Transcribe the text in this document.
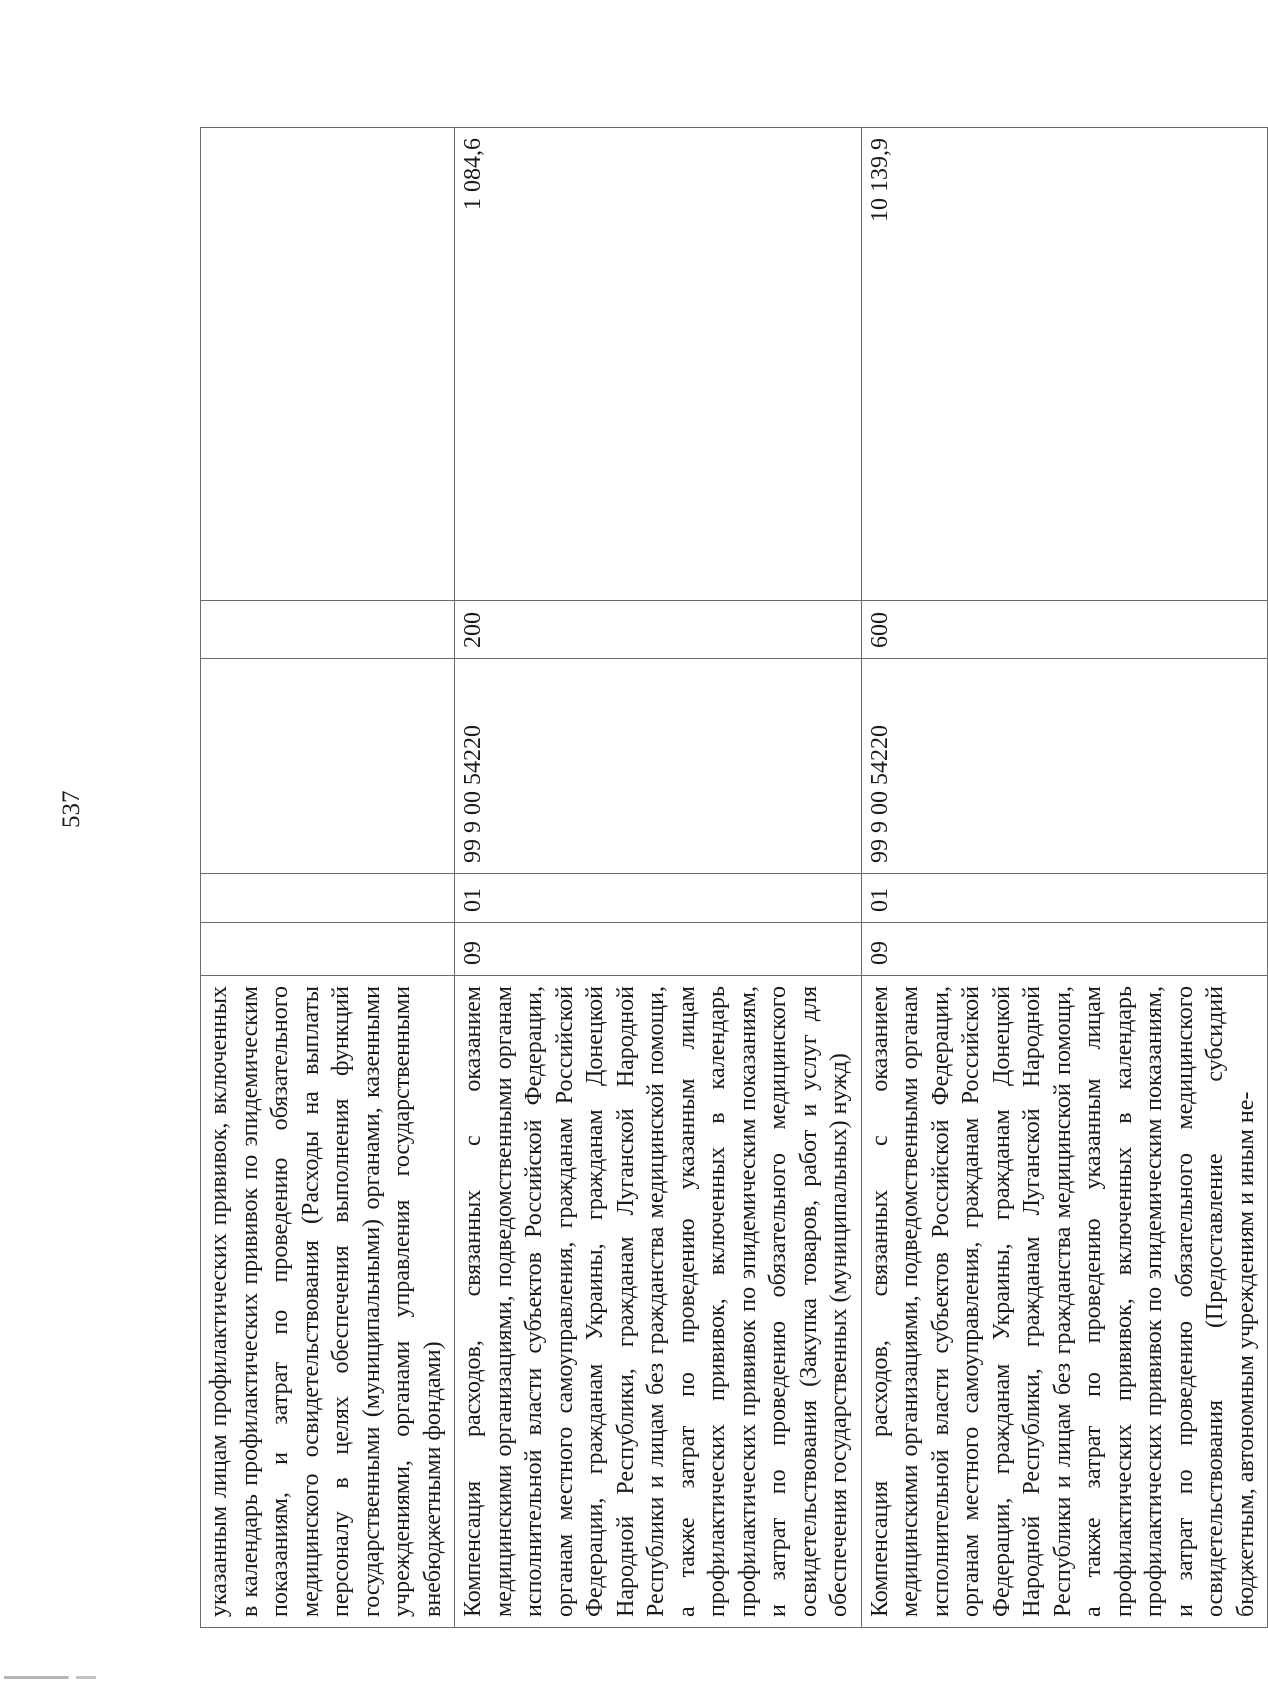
537
указанным лицам профилактических прививок, включенных в календарь профилактических прививок по эпидемическим показаниям, и затрат по проведению обязательного медицинского освидетельствования (Расходы на выплаты персоналу в целях обеспечения выполнения функций государственными (муниципальными) органами, казенными учреждениями, органами управления государственными внебюджетными фондами)					

Компенсация расходов, связанных с оказанием медицинскими организациями, подведомственными органам исполнительной власти субъектов Российской Федерации, органам местного самоуправления, гражданам Российской Федерации, гражданам Украины, гражданам Донецкой Народной Республики, гражданам Луганской Народной Республики и лицам без гражданства медицинской помощи, а также затрат по проведению указанным лицам профилактических прививок, включенных в календарь профилактических прививок по эпидемическим показаниям, и затрат по проведению обязательного медицинского освидетельствования (Закупка товаров, работ и услуг для обеспечения государственных (муниципальных) нужд)	09	01	99 9 00 54220	200	1 084,6

Компенсация расходов, связанных с оказанием медицинскими организациями, подведомственными органам исполнительной власти субъектов Российской Федерации, органам местного самоуправления, гражданам Российской Федерации, гражданам Украины, гражданам Донецкой Народной Республики, гражданам Луганской Народной Республики и лицам без гражданства медицинской помощи, а также затрат по проведению указанным лицам профилактических прививок, включенных в календарь профилактических прививок по эпидемическим показаниям, и затрат по проведению обязательного медицинского освидетельствования (Предоставление субсидий бюджетным, автономным учреждениям и иным не-	09	01	99 9 00 54220	600	10 139,9
